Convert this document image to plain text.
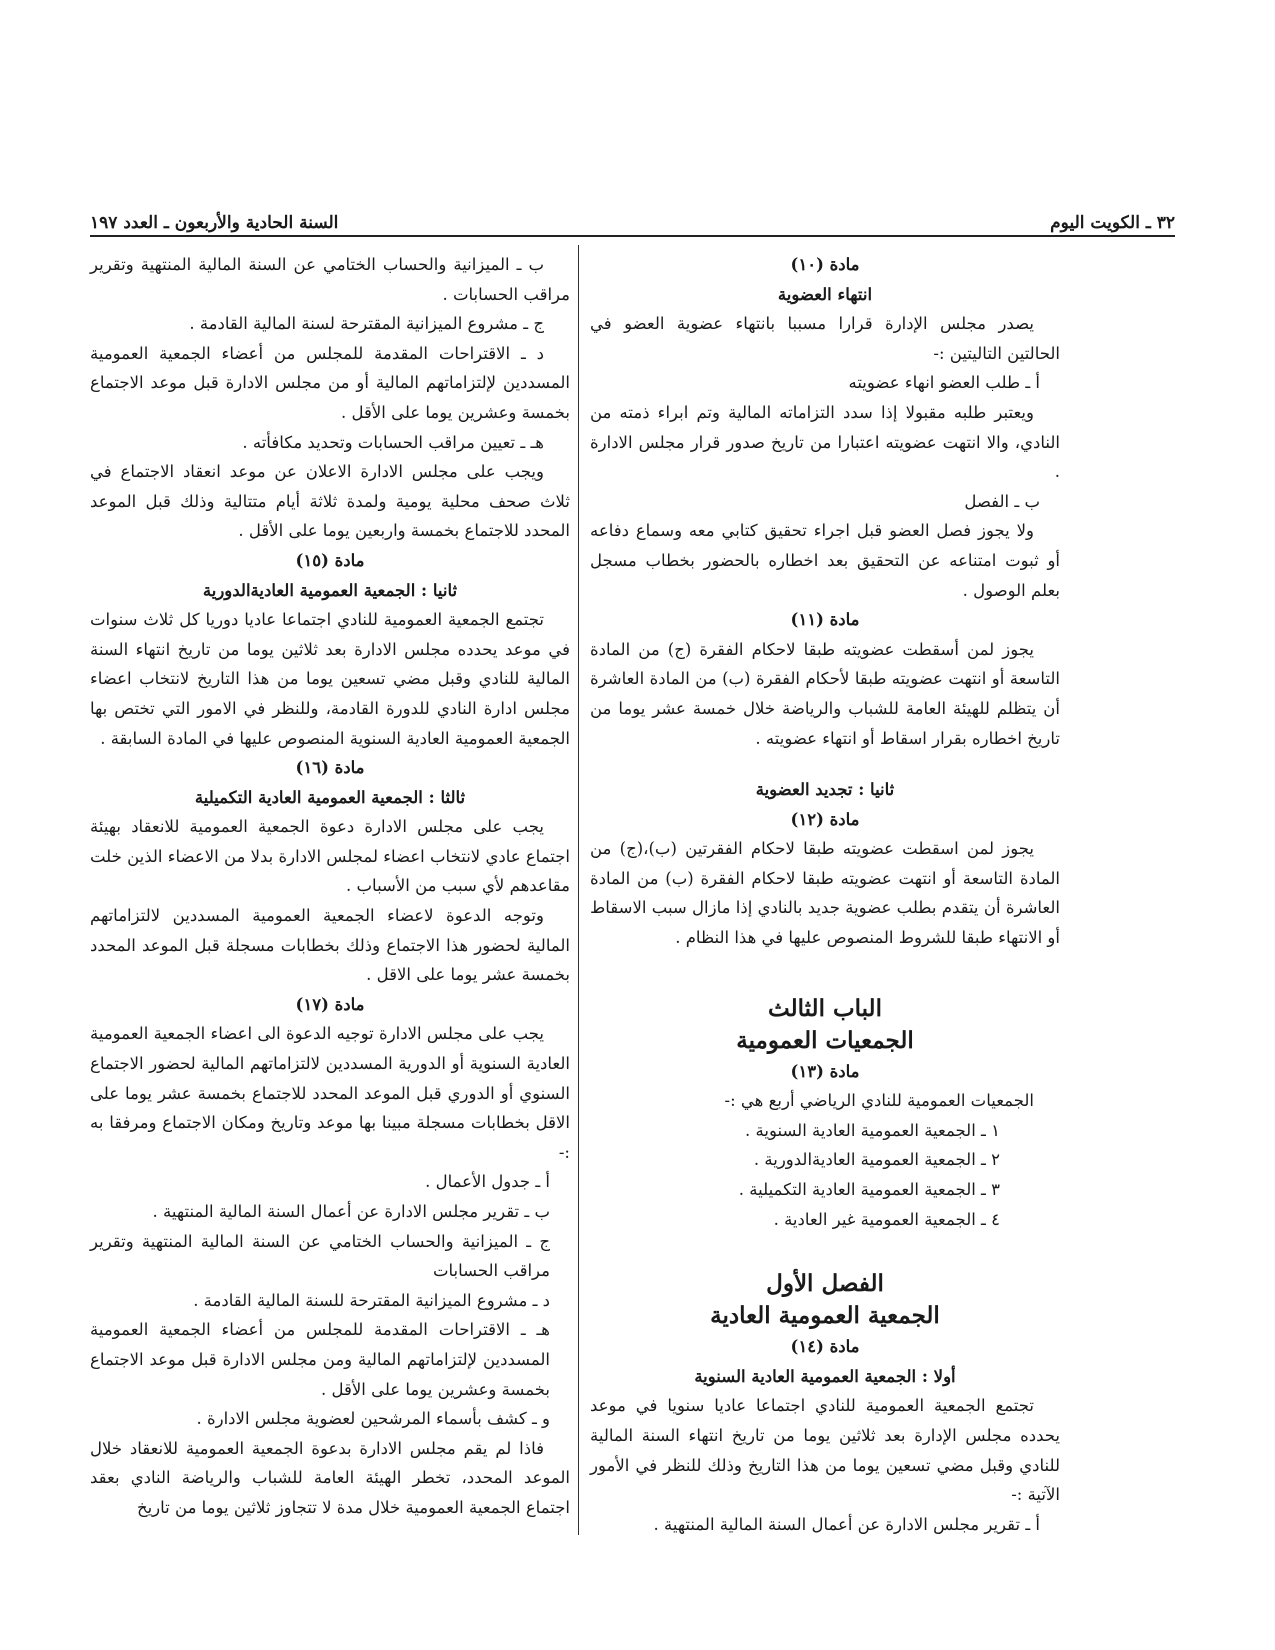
٣٢ ـ الكويت اليوم
السنة الحادية والأربعون ـ العدد ١٩٧

مادة (١٠)

انتهاء العضوية

يصدر مجلس الإدارة قرارا مسببا بانتهاء عضوية العضو في الحالتين التاليتين :-

أ ـ طلب العضو انهاء عضويته

ويعتبر طلبه مقبولا إذا سدد التزاماته المالية وتم ابراء ذمته من النادي، والا انتهت عضويته اعتبارا من تاريخ صدور قرار مجلس الادارة .

ب ـ الفصل

ولا يجوز فصل العضو قبل اجراء تحقيق كتابي معه وسماع دفاعه أو ثبوت امتناعه عن التحقيق بعد اخطاره بالحضور بخطاب مسجل بعلم الوصول .

مادة (١١)

يجوز لمن أسقطت عضويته طبقا لاحكام الفقرة (ج) من المادة التاسعة أو انتهت عضويته طبقا لأحكام الفقرة (ب) من المادة العاشرة أن يتظلم للهيئة العامة للشباب والرياضة خلال خمسة عشر يوما من تاريخ اخطاره بقرار اسقاط أو انتهاء عضويته .

ثانيا : تجديد العضوية

مادة (١٢)

يجوز لمن اسقطت عضويته طبقا لاحكام الفقرتين (ب)،(ج) من المادة التاسعة أو انتهت عضويته طبقا لاحكام الفقرة (ب) من المادة العاشرة أن يتقدم بطلب عضوية جديد بالنادي إذا مازال سبب الاسقاط أو الانتهاء طبقا للشروط المنصوص عليها في هذا النظام .

الباب الثالث

الجمعيات العمومية

مادة (١٣)

الجمعيات العمومية للنادي الرياضي أربع هي :-

١ ـ الجمعية العمومية العادية السنوية .

٢ ـ الجمعية العمومية العاديةالدورية .

٣ ـ الجمعية العمومية العادية التكميلية .

٤ ـ الجمعية العمومية غير العادية .

الفصل الأول

الجمعية العمومية العادية

مادة (١٤)

أولا : الجمعية العمومية العادية السنوية

تجتمع الجمعية العمومية للنادي اجتماعا عاديا سنويا في موعد يحدده مجلس الإدارة بعد ثلاثين يوما من تاريخ انتهاء السنة المالية للنادي وقبل مضي تسعين يوما من هذا التاريخ وذلك للنظر في الأمور الآتية :-

أ ـ تقرير مجلس الادارة عن أعمال السنة المالية المنتهية .

ب ـ الميزانية والحساب الختامي عن السنة المالية المنتهية وتقرير مراقب الحسابات .

ج ـ مشروع الميزانية المقترحة لسنة المالية القادمة .

د ـ الاقتراحات المقدمة للمجلس من أعضاء الجمعية العمومية المسددين لإلتزاماتهم المالية أو من مجلس الادارة قبل موعد الاجتماع بخمسة وعشرين يوما على الأقل .

هـ ـ تعيين مراقب الحسابات وتحديد مكافأته .

ويجب على مجلس الادارة الاعلان عن موعد انعقاد الاجتماع في ثلاث صحف محلية يومية ولمدة ثلاثة أيام متتالية وذلك قبل الموعد المحدد للاجتماع بخمسة واربعين يوما على الأقل .

مادة (١٥)

ثانيا : الجمعية العمومية العاديةالدورية

تجتمع الجمعية العمومية للنادي اجتماعا عاديا دوريا كل ثلاث سنوات في موعد يحدده مجلس الادارة بعد ثلاثين يوما من تاريخ انتهاء السنة المالية للنادي وقبل مضي تسعين يوما من هذا التاريخ لانتخاب اعضاء مجلس ادارة النادي للدورة القادمة، وللنظر في الامور التي تختص بها الجمعية العمومية العادية السنوية المنصوص عليها في المادة السابقة .

مادة (١٦)

ثالثا : الجمعية العمومية العادية التكميلية

يجب على مجلس الادارة دعوة الجمعية العمومية للانعقاد بهيئة اجتماع عادي لانتخاب اعضاء لمجلس الادارة بدلا من الاعضاء الذين خلت مقاعدهم لأي سبب من الأسباب .

وتوجه الدعوة لاعضاء الجمعية العمومية المسددين لالتزاماتهم المالية لحضور هذا الاجتماع وذلك بخطابات مسجلة قبل الموعد المحدد بخمسة عشر يوما على الاقل .

مادة (١٧)

يجب على مجلس الادارة توجيه الدعوة الى اعضاء الجمعية العمومية العادية السنوية أو الدورية المسددين لالتزاماتهم المالية لحضور الاجتماع السنوي أو الدوري قبل الموعد المحدد للاجتماع بخمسة عشر يوما على الاقل بخطابات مسجلة مبينا بها موعد وتاريخ ومكان الاجتماع ومرفقا به :-

أ ـ جدول الأعمال .

ب ـ تقرير مجلس الادارة عن أعمال السنة المالية المنتهية .

ج ـ الميزانية والحساب الختامي عن السنة المالية المنتهية وتقرير مراقب الحسابات

د ـ مشروع الميزانية المقترحة للسنة المالية القادمة .

هـ ـ الاقتراحات المقدمة للمجلس من أعضاء الجمعية العمومية المسددين لإلتزاماتهم المالية ومن مجلس الادارة قبل موعد الاجتماع بخمسة وعشرين يوما على الأقل .

و ـ كشف بأسماء المرشحين لعضوية مجلس الادارة .

فاذا لم يقم مجلس الادارة بدعوة الجمعية العمومية للانعقاد خلال الموعد المحدد، تخطر الهيئة العامة للشباب والرياضة النادي بعقد اجتماع الجمعية العمومية خلال مدة لا تتجاوز ثلاثين يوما من تاريخ
